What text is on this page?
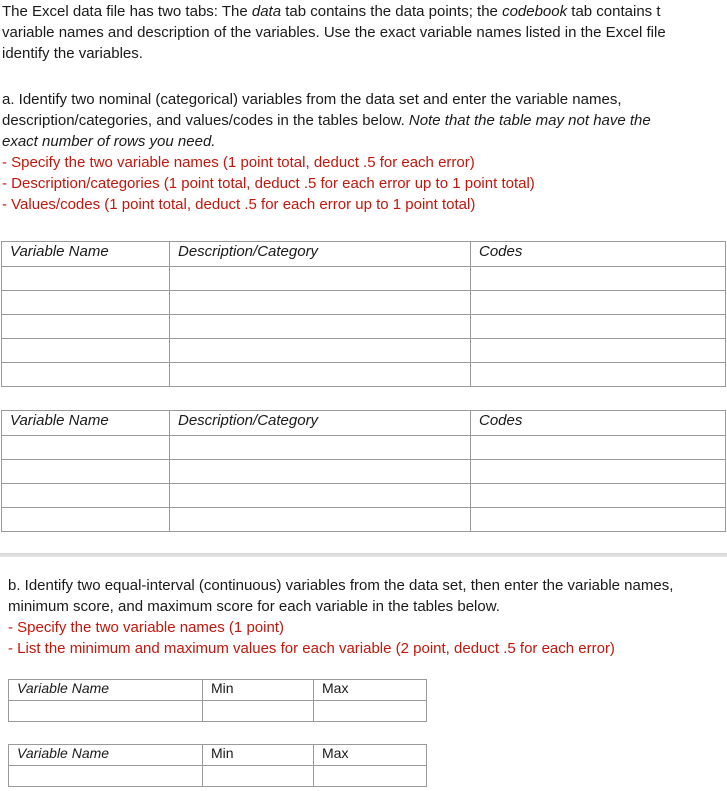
The Excel data file has two tabs: The data tab contains the data points; the codebook tab contains t

variable names and description of the variables. Use the exact variable names listed in the Excel file

identify the variables.

a. Identify two nominal (categorical) variables from the data set and enter the variable names,

description/categories, and values/codes in the tables below. Note that the table may not have the

exact number of rows you need.

- Specify the two variable names (1 point total, deduct .5 for each error)

- Description/categories (1 point total, deduct .5 for each error up to 1 point total)

- Values/codes (1 point total, deduct .5 for each error up to 1 point total)

Variable Name	Description/Category	Codes

Variable Name	Description/Category	Codes

b. Identify two equal-interval (continuous) variables from the data set, then enter the variable names,

minimum score, and maximum score for each variable in the tables below.

- Specify the two variable names (1 point)

- List the minimum and maximum values for each variable (2 point, deduct .5 for each error)

Variable Name	Min	Max

Variable Name	Min	Max
